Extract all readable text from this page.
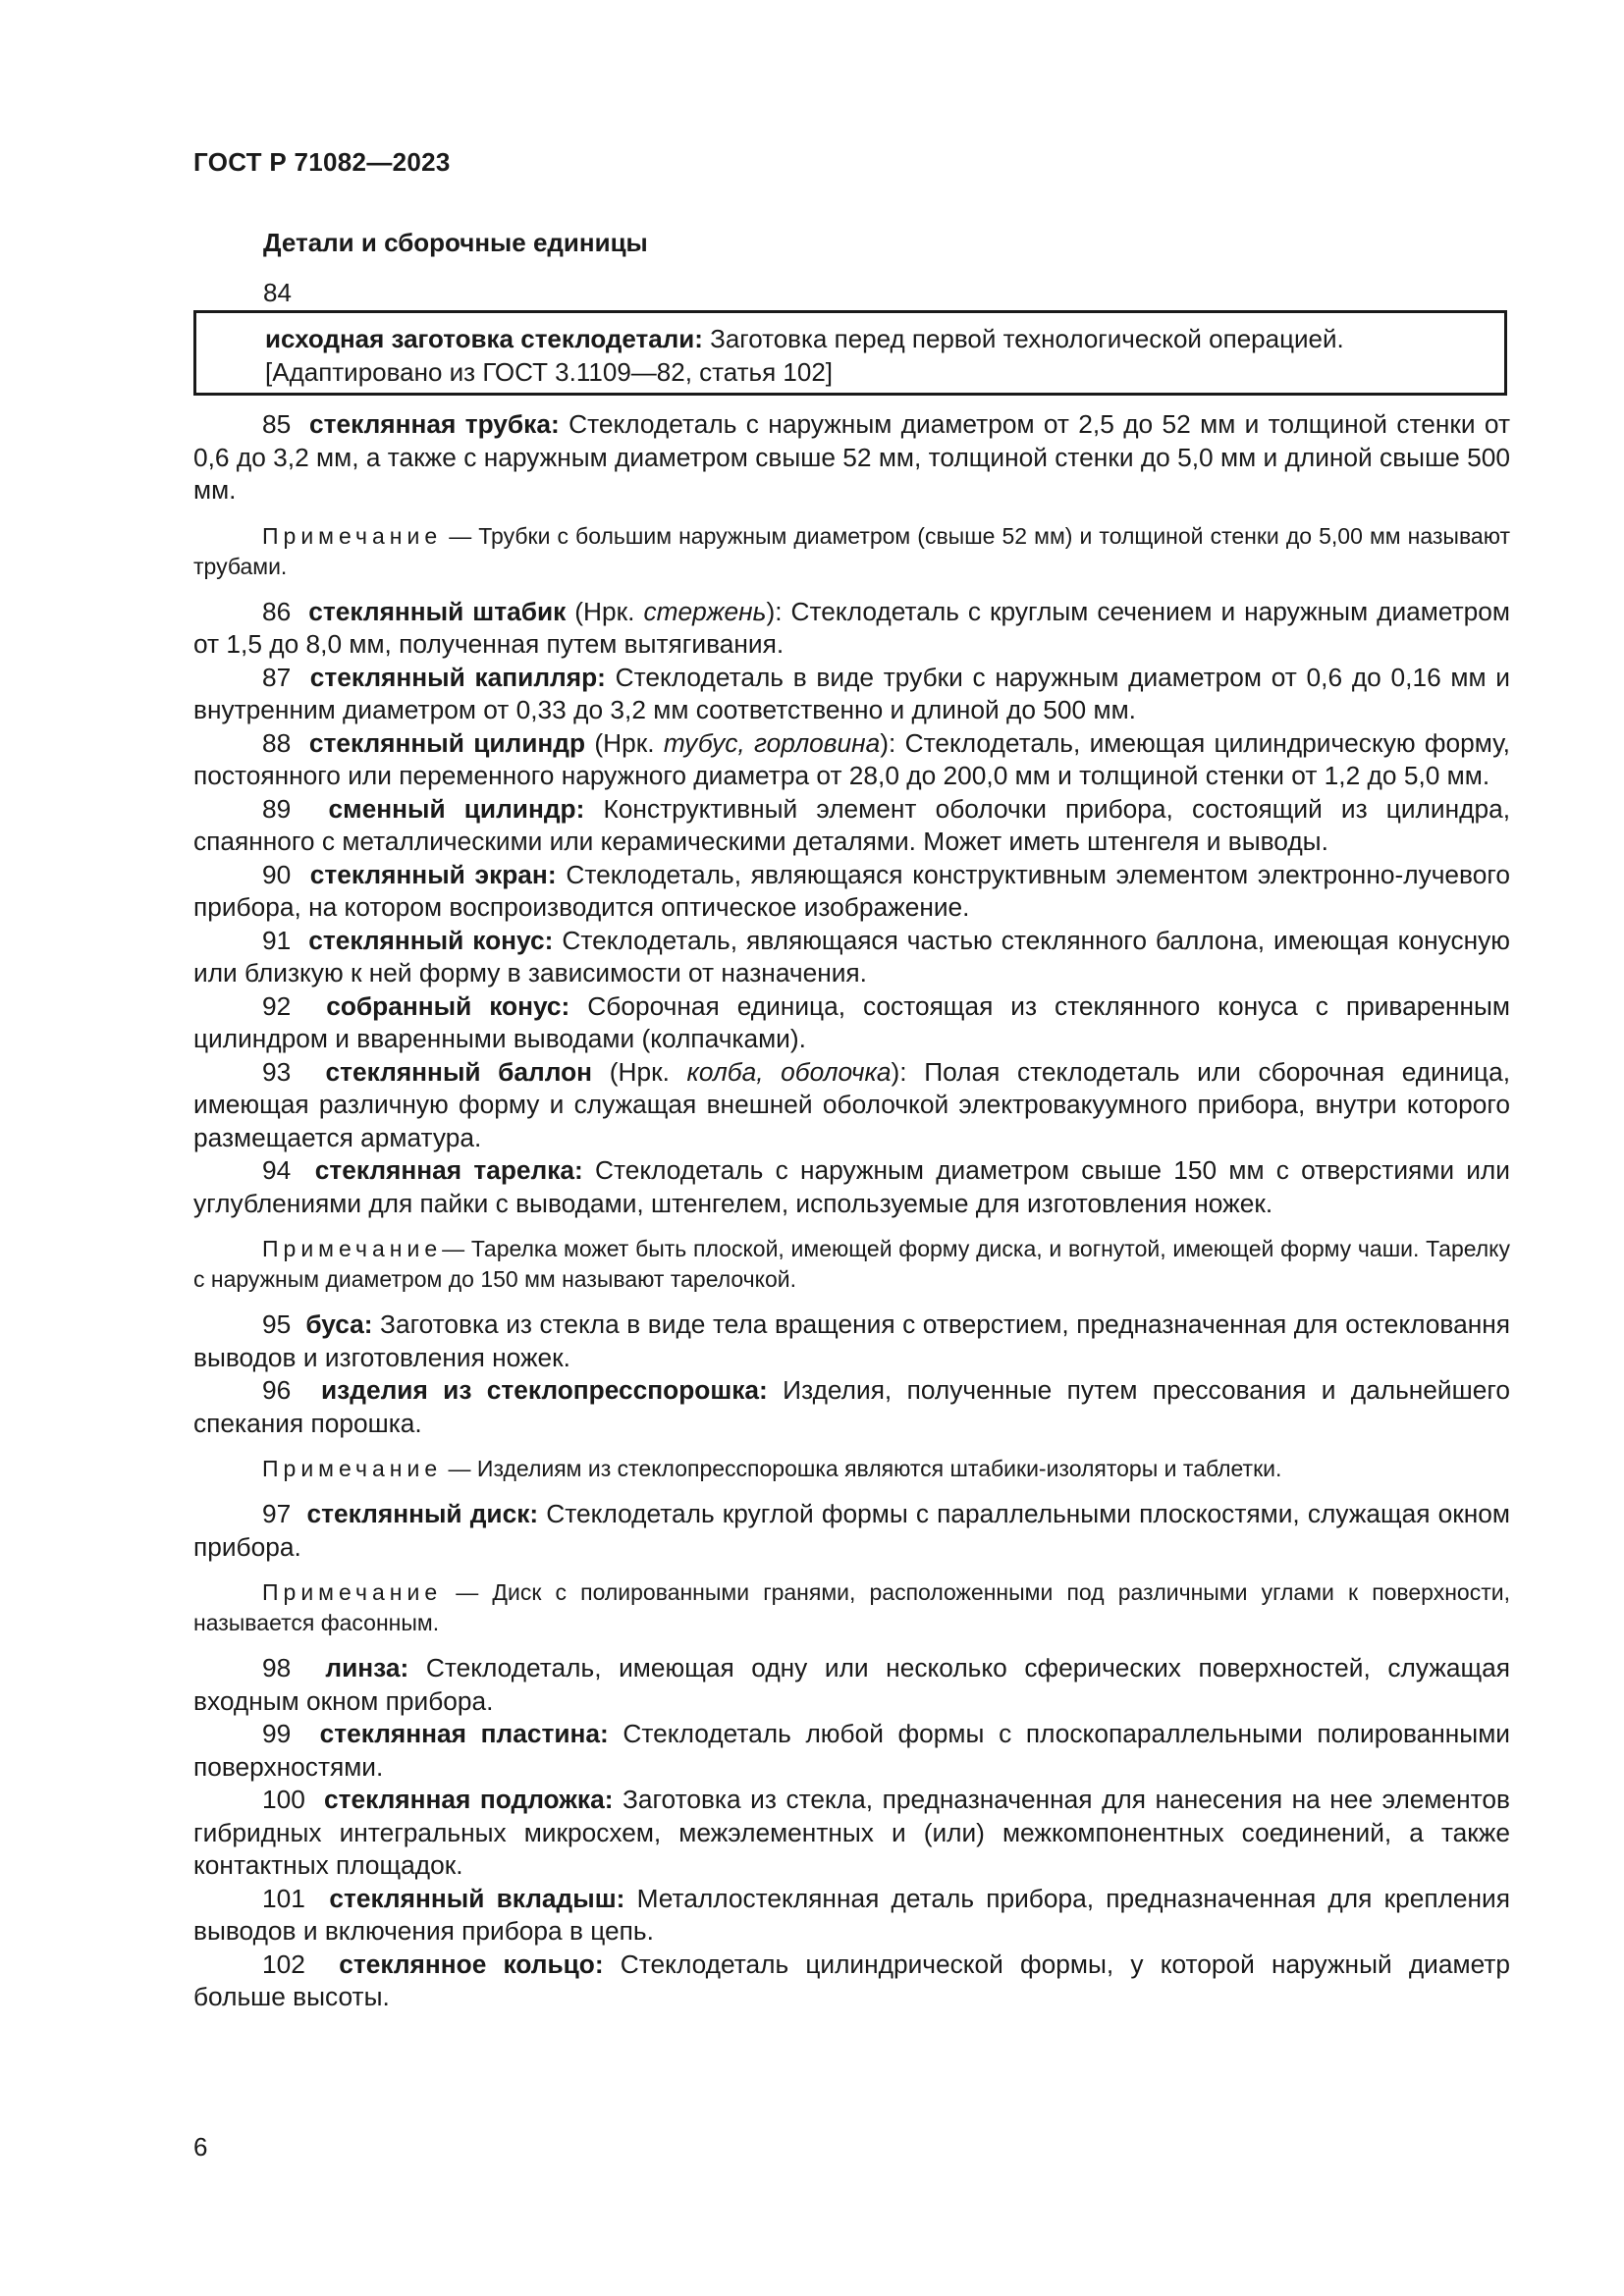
ГОСТ Р 71082—2023
Детали и сборочные единицы
84
исходная заготовка стеклодетали: Заготовка перед первой технологической операцией.
[Адаптировано из ГОСТ 3.1109—82, статья 102]

85 стеклянная трубка: Стеклодеталь с наружным диаметром от 2,5 до 52 мм и толщиной стенки от 0,6 до 3,2 мм, а также с наружным диаметром свыше 52 мм, толщиной стенки до 5,0 мм и длиной свыше 500 мм.

Примечание — Трубки с большим наружным диаметром (свыше 52 мм) и толщиной стенки до 5,00 мм называют трубами.

86 стеклянный штабик (Нрк. стержень): Стеклодеталь с круглым сечением и наружным диаметром от 1,5 до 8,0 мм, полученная путем вытягивания.

87 стеклянный капилляр: Стеклодеталь в виде трубки с наружным диаметром от 0,6 до 0,16 мм и внутренним диаметром от 0,33 до 3,2 мм соответственно и длиной до 500 мм.

88 стеклянный цилиндр (Нрк. тубус, горловина): Стеклодеталь, имеющая цилиндрическую форму, постоянного или переменного наружного диаметра от 28,0 до 200,0 мм и толщиной стенки от 1,2 до 5,0 мм.

89 сменный цилиндр: Конструктивный элемент оболочки прибора, состоящий из цилиндра, спаянного с металлическими или керамическими деталями. Может иметь штенгеля и выводы.

90 стеклянный экран: Стеклодеталь, являющаяся конструктивным элементом электронно-лучевого прибора, на котором воспроизводится оптическое изображение.

91 стеклянный конус: Стеклодеталь, являющаяся частью стеклянного баллона, имеющая конусную или близкую к ней форму в зависимости от назначения.

92 собранный конус: Сборочная единица, состоящая из стеклянного конуса с приваренным цилиндром и вваренными выводами (колпачками).

93 стеклянный баллон (Нрк. колба, оболочка): Полая стеклодеталь или сборочная единица, имеющая различную форму и служащая внешней оболочкой электровакуумного прибора, внутри которого размещается арматура.

94 стеклянная тарелка: Стеклодеталь с наружным диаметром свыше 150 мм с отверстиями или углублениями для пайки с выводами, штенгелем, используемые для изготовления ножек.

Примечание— Тарелка может быть плоской, имеющей форму диска, и вогнутой, имеющей форму чаши. Тарелку с наружным диаметром до 150 мм называют тарелочкой.

95 буса: Заготовка из стекла в виде тела вращения с отверстием, предназначенная для остекловання выводов и изготовления ножек.

96 изделия из стеклопресспорошка: Изделия, полученные путем прессования и дальнейшего спекания порошка.

Примечание — Изделиям из стеклопресспорошка являются штабики-изоляторы и таблетки.

97 стеклянный диск: Стеклодеталь круглой формы с параллельными плоскостями, служащая окном прибора.

Примечание — Диск с полированными гранями, расположенными под различными углами к поверхности, называется фасонным.

98 линза: Стеклодеталь, имеющая одну или несколько сферических поверхностей, служащая входным окном прибора.

99 стеклянная пластина: Стеклодеталь любой формы с плоскопараллельными полированными поверхностями.

100 стеклянная подложка: Заготовка из стекла, предназначенная для нанесения на нее элементов гибридных интегральных микросхем, межэлементных и (или) межкомпонентных соединений, а также контактных площадок.

101 стеклянный вкладыш: Металлостеклянная деталь прибора, предназначенная для крепления выводов и включения прибора в цепь.

102 стеклянное кольцо: Стеклодеталь цилиндрической формы, у которой наружный диаметр больше высоты.

6
